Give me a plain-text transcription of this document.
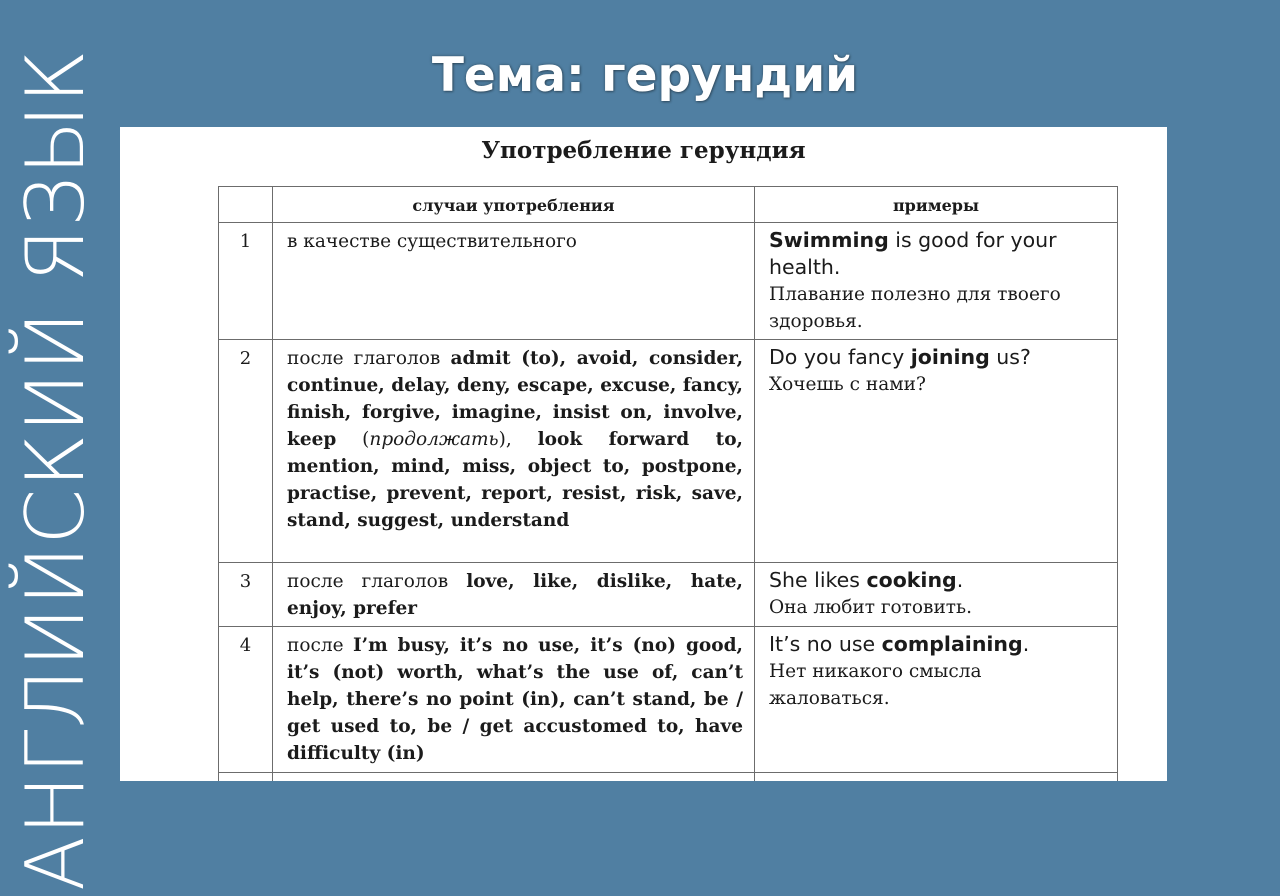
АНГЛИЙСКИЙ ЯЗЫК	Тема: герундий
Употребление герундия
	случаи употребления	примеры
1	в качестве существительного	Swimming is good for your health.
Плавание полезно для твоего здоровья.

2	после глаголов admit (to), avoid, consider, continue, delay, deny, escape, excuse, fancy, finish, forgive, imagine, insist on, involve, keep (продолжать), look forward to, mention, mind, miss, object to, postpone, practise, prevent, report, resist, risk, save, stand, suggest, understand	Do you fancy joining us?
Хочешь с нами?

3	после глаголов love, like, dislike, hate, enjoy, prefer	She likes cooking.
Она любит готовить.

4	после I’m busy, it’s no use, it’s (no) good, it’s (not) worth, what’s the use of, can’t help, there’s no point (in), can’t stand, be / get used to, be / get accustomed to, have difficulty (in)	It’s no use complaining.
Нет никакого смысла жаловаться.
